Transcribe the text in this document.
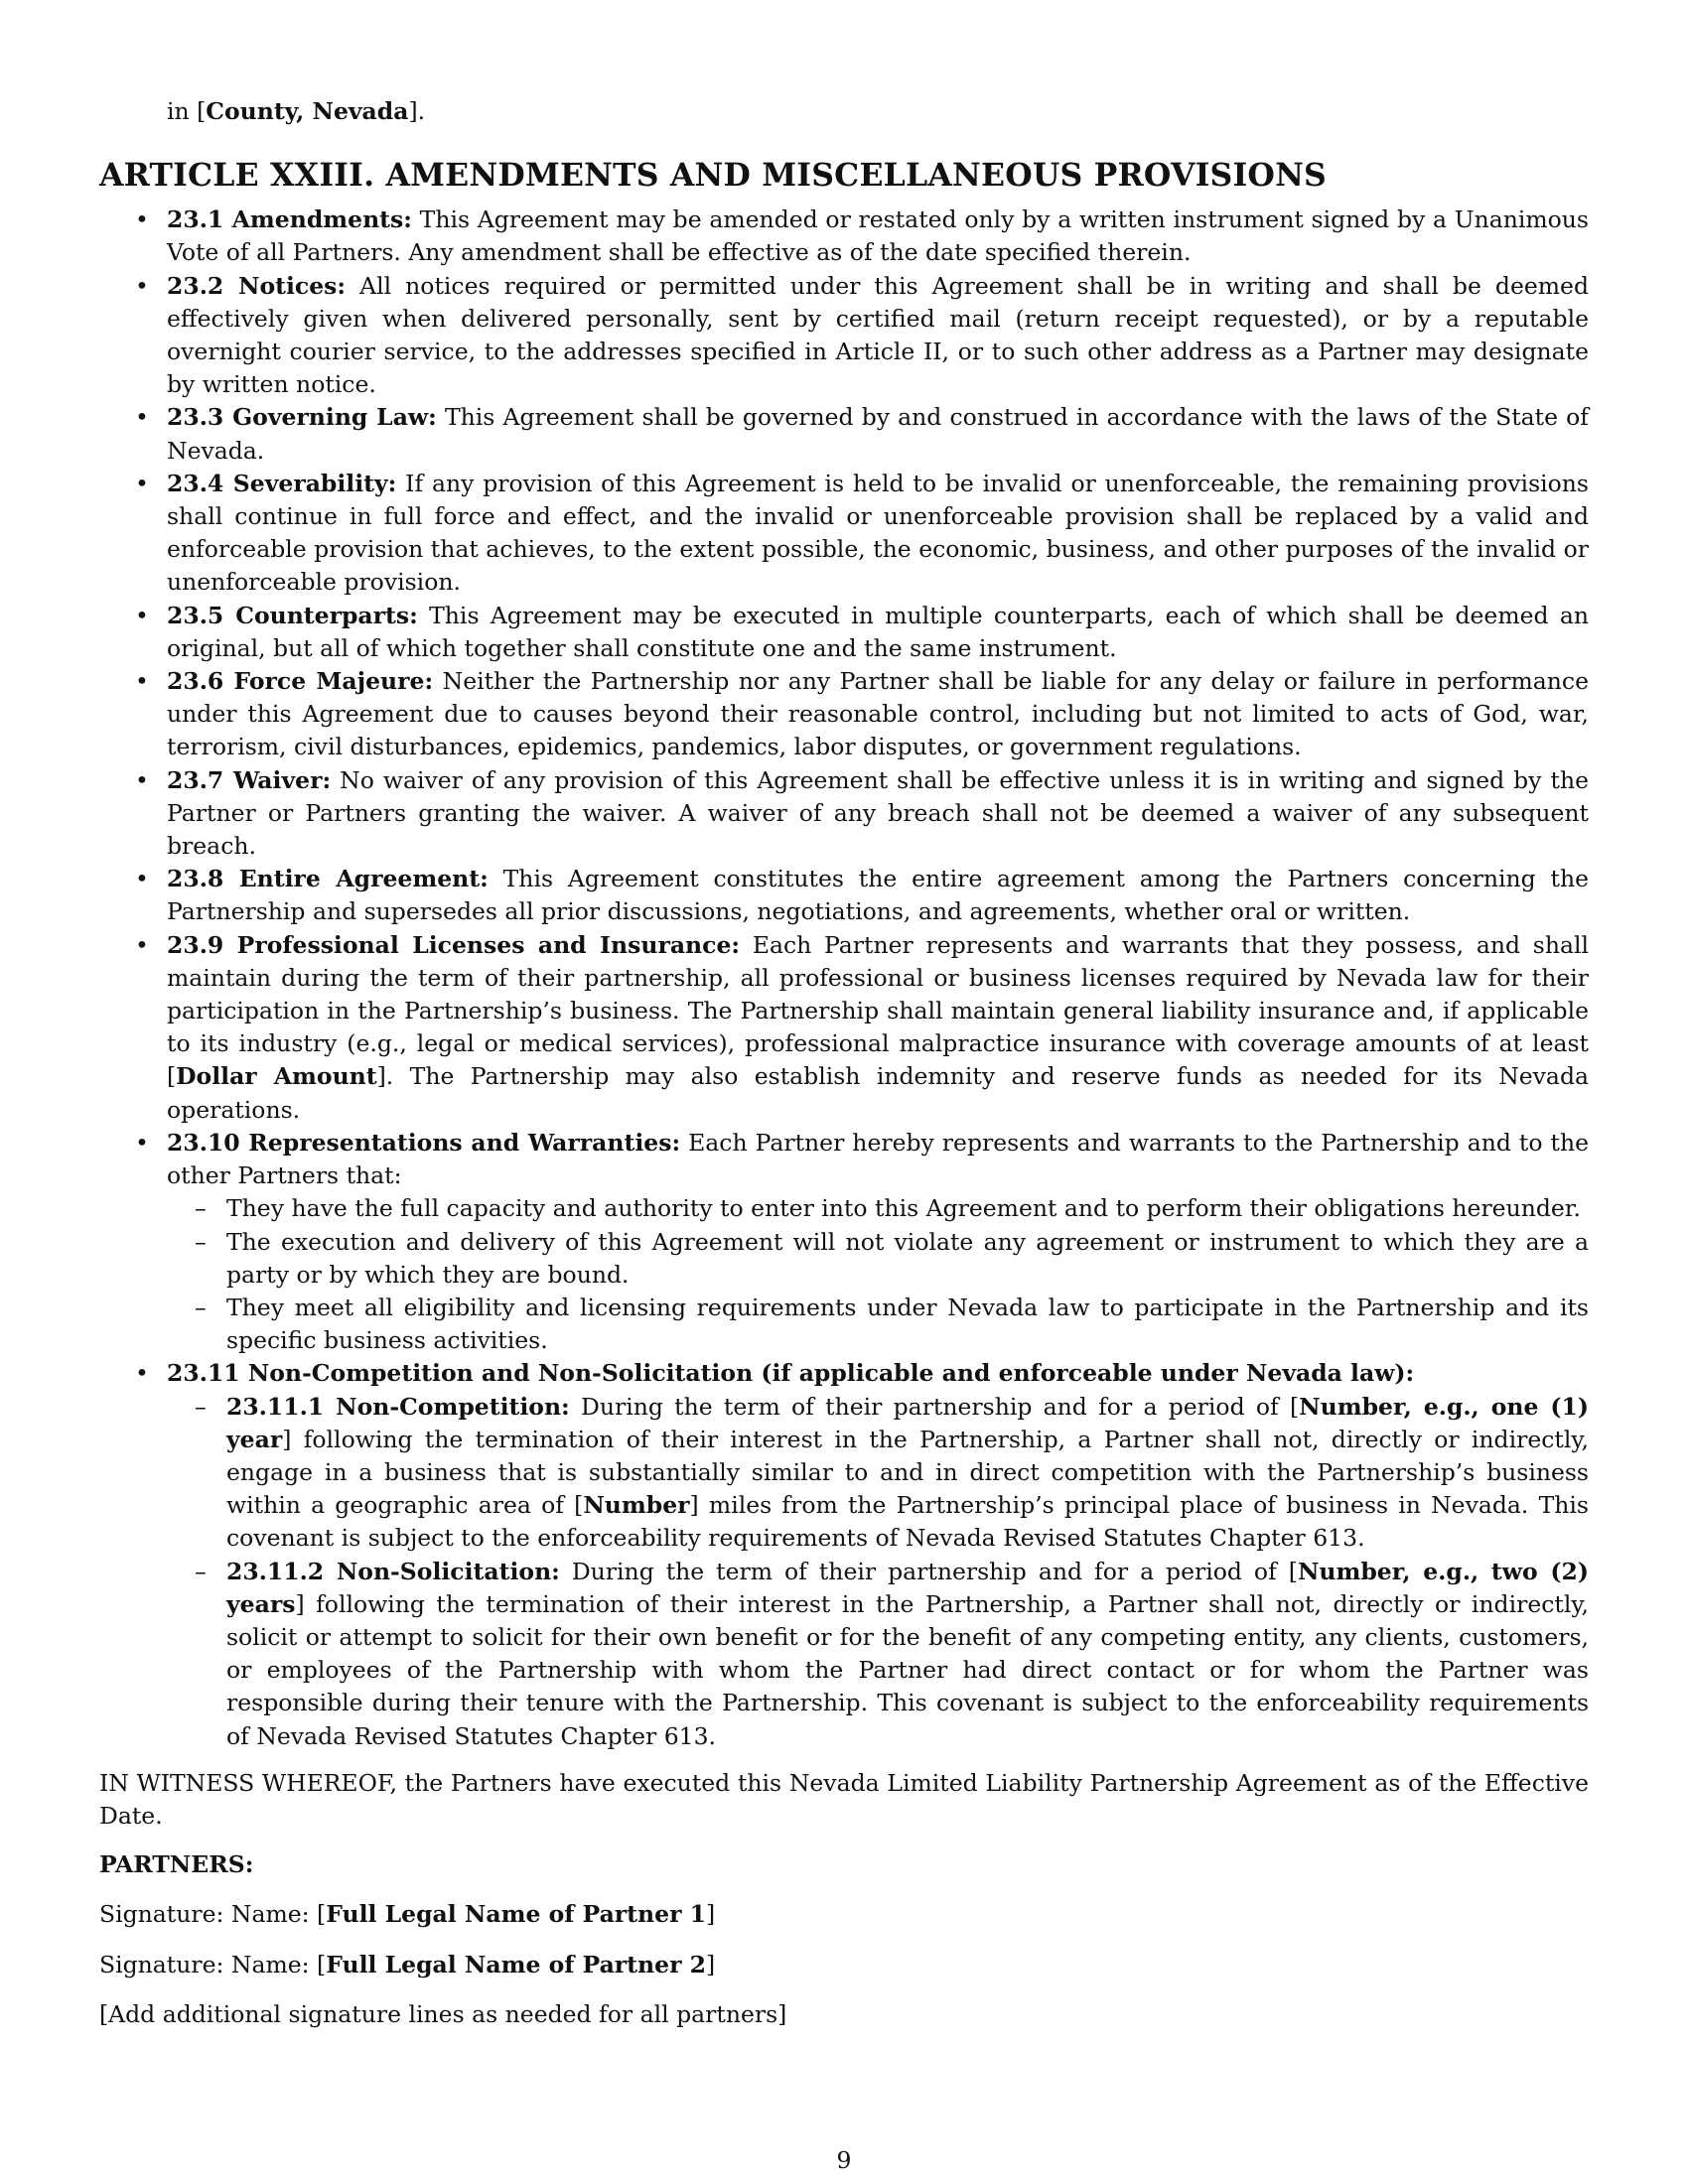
in [County, Nevada].

ARTICLE XXIII. AMENDMENTS AND MISCELLANEOUS PROVISIONS
• 23.1 Amendments: This Agreement may be amended or restated only by a written instrument signed by a Unanimous Vote of all Partners. Any amendment shall be effective as of the date specified therein.
• 23.2 Notices: All notices required or permitted under this Agreement shall be in writing and shall be deemed effectively given when delivered personally, sent by certified mail (return receipt requested), or by a reputable overnight courier service, to the addresses specified in Article II, or to such other address as a Partner may designate by written notice.
• 23.3 Governing Law: This Agreement shall be governed by and construed in accordance with the laws of the State of Nevada.
• 23.4 Severability: If any provision of this Agreement is held to be invalid or unenforceable, the remaining provisions shall continue in full force and effect, and the invalid or unenforceable provision shall be replaced by a valid and enforceable provision that achieves, to the extent possible, the economic, business, and other purposes of the invalid or unenforceable provision.
• 23.5 Counterparts: This Agreement may be executed in multiple counterparts, each of which shall be deemed an original, but all of which together shall constitute one and the same instrument.
• 23.6 Force Majeure: Neither the Partnership nor any Partner shall be liable for any delay or failure in performance under this Agreement due to causes beyond their reasonable control, including but not limited to acts of God, war, terrorism, civil disturbances, epidemics, pandemics, labor disputes, or government regulations.
• 23.7 Waiver: No waiver of any provision of this Agreement shall be effective unless it is in writing and signed by the Partner or Partners granting the waiver. A waiver of any breach shall not be deemed a waiver of any subsequent breach.
• 23.8 Entire Agreement: This Agreement constitutes the entire agreement among the Partners concerning the Partnership and supersedes all prior discussions, negotiations, and agreements, whether oral or written.
• 23.9 Professional Licenses and Insurance: Each Partner represents and warrants that they possess, and shall maintain during the term of their partnership, all professional or business licenses required by Nevada law for their participation in the Partnership’s business. The Partnership shall maintain general liability insurance and, if applicable to its industry (e.g., legal or medical services), professional malpractice insurance with coverage amounts of at least [Dollar Amount]. The Partnership may also establish indemnity and reserve funds as needed for its Nevada operations.
• 23.10 Representations and Warranties: Each Partner hereby represents and warrants to the Partnership and to the other Partners that:
– They have the full capacity and authority to enter into this Agreement and to perform their obligations hereunder.
– The execution and delivery of this Agreement will not violate any agreement or instrument to which they are a party or by which they are bound.
– They meet all eligibility and licensing requirements under Nevada law to participate in the Partnership and its specific business activities.
• 23.11 Non-Competition and Non-Solicitation (if applicable and enforceable under Nevada law):
– 23.11.1 Non-Competition: During the term of their partnership and for a period of [Number, e.g., one (1) year] following the termination of their interest in the Partnership, a Partner shall not, directly or indirectly, engage in a business that is substantially similar to and in direct competition with the Partnership’s business within a geographic area of [Number] miles from the Partnership’s principal place of business in Nevada. This covenant is subject to the enforceability requirements of Nevada Revised Statutes Chapter 613.
– 23.11.2 Non-Solicitation: During the term of their partnership and for a period of [Number, e.g., two (2) years] following the termination of their interest in the Partnership, a Partner shall not, directly or indirectly, solicit or attempt to solicit for their own benefit or for the benefit of any competing entity, any clients, customers, or employees of the Partnership with whom the Partner had direct contact or for whom the Partner was responsible during their tenure with the Partnership. This covenant is subject to the enforceability requirements of Nevada Revised Statutes Chapter 613.

IN WITNESS WHEREOF, the Partners have executed this Nevada Limited Liability Partnership Agreement as of the Effective Date.

PARTNERS:

Signature: Name: [Full Legal Name of Partner 1]

Signature: Name: [Full Legal Name of Partner 2]

[Add additional signature lines as needed for all partners]

9
